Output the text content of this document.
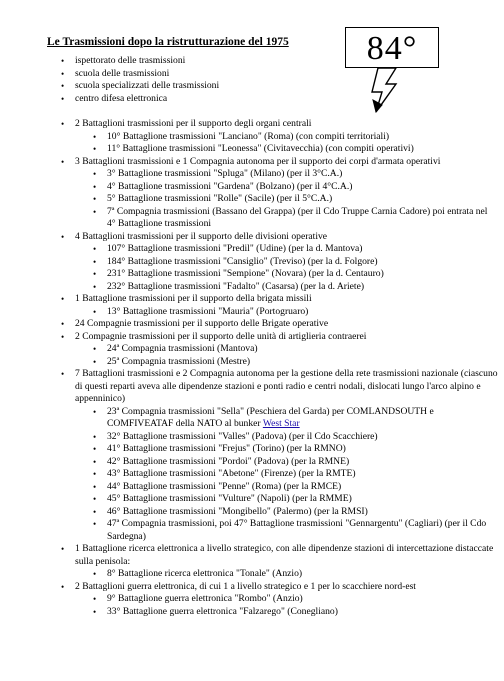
Le Trasmissioni dopo la ristrutturazione del 1975	84°
• ispettorato delle trasmissioni
• scuola delle trasmissioni
• scuola specializzati delle trasmissioni
• centro difesa elettronica
• 2 Battaglioni trasmissioni per il supporto degli organi centrali
• 10° Battaglione trasmissioni "Lanciano" (Roma) (con compiti territoriali)
• 11° Battaglione trasmissioni "Leonessa" (Civitavecchia) (con compiti operativi)
• 3 Battaglioni trasmissioni e 1 Compagnia autonoma per il supporto dei corpi d'armata operativi
• 3° Battaglione trasmissioni "Spluga" (Milano) (per il 3°C.A.)
• 4° Battaglione trasmissioni "Gardena" (Bolzano) (per il 4°C.A.)
• 5° Battaglione trasmissioni "Rolle" (Sacile) (per il 5°C.A.)
• 7ª Compagnia trasmissioni (Bassano del Grappa) (per il Cdo Truppe Carnia Cadore) poi entrata nel 4° Battaglione trasmissioni
• 4 Battaglioni trasmissioni per il supporto delle divisioni operative
• 107° Battaglione trasmissioni "Predil" (Udine) (per la d. Mantova)
• 184° Battaglione trasmissioni "Cansiglio" (Treviso) (per la d. Folgore)
• 231° Battaglione trasmissioni "Sempione" (Novara) (per la d. Centauro)
• 232° Battaglione trasmissioni "Fadalto" (Casarsa) (per la d. Ariete)
• 1 Battaglione trasmissioni per il supporto della brigata missili
• 13° Battaglione trasmissioni "Mauria" (Portogruaro)
• 24 Compagnie trasmissioni per il supporto delle Brigate operative
• 2 Compagnie trasmissioni per il supporto delle unità di artiglieria contraerei
• 24ª Compagnia trasmissioni (Mantova)
• 25ª Compagnia trasmissioni (Mestre)
• 7 Battaglioni trasmissioni e 2 Compagnia autonoma per la gestione della rete trasmissioni nazionale (ciascuno di questi reparti aveva alle dipendenze stazioni e ponti radio e centri nodali, dislocati lungo l'arco alpino e appenninico)
• 23ª Compagnia trasmissioni "Sella" (Peschiera del Garda) per COMLANDSOUTH e COMFIVEATAF della NATO al bunker West Star
• 32° Battaglione trasmissioni "Valles" (Padova) (per il Cdo Scacchiere)
• 41° Battaglione trasmissioni "Frejus" (Torino) (per la RMNO)
• 42° Battaglione trasmissioni "Pordoi" (Padova) (per la RMNE)
• 43° Battaglione trasmissioni "Abetone" (Firenze) (per la RMTE)
• 44° Battaglione trasmissioni "Penne" (Roma) (per la RMCE)
• 45° Battaglione trasmissioni "Vulture" (Napoli) (per la RMME)
• 46° Battaglione trasmissioni "Mongibello" (Palermo) (per la RMSI)
• 47ª Compagnia trasmissioni, poi 47° Battaglione trasmissioni "Gennargentu" (Cagliari) (per il Cdo Sardegna)
• 1 Battaglione ricerca elettronica a livello strategico, con alle dipendenze stazioni di intercettazione distaccate sulla penisola:
• 8° Battaglione ricerca elettronica "Tonale" (Anzio)
• 2 Battaglioni guerra elettronica, di cui 1 a livello strategico e 1 per lo scacchiere nord-est
• 9° Battaglione guerra elettronica "Rombo" (Anzio)
• 33° Battaglione guerra elettronica "Falzarego" (Conegliano)
